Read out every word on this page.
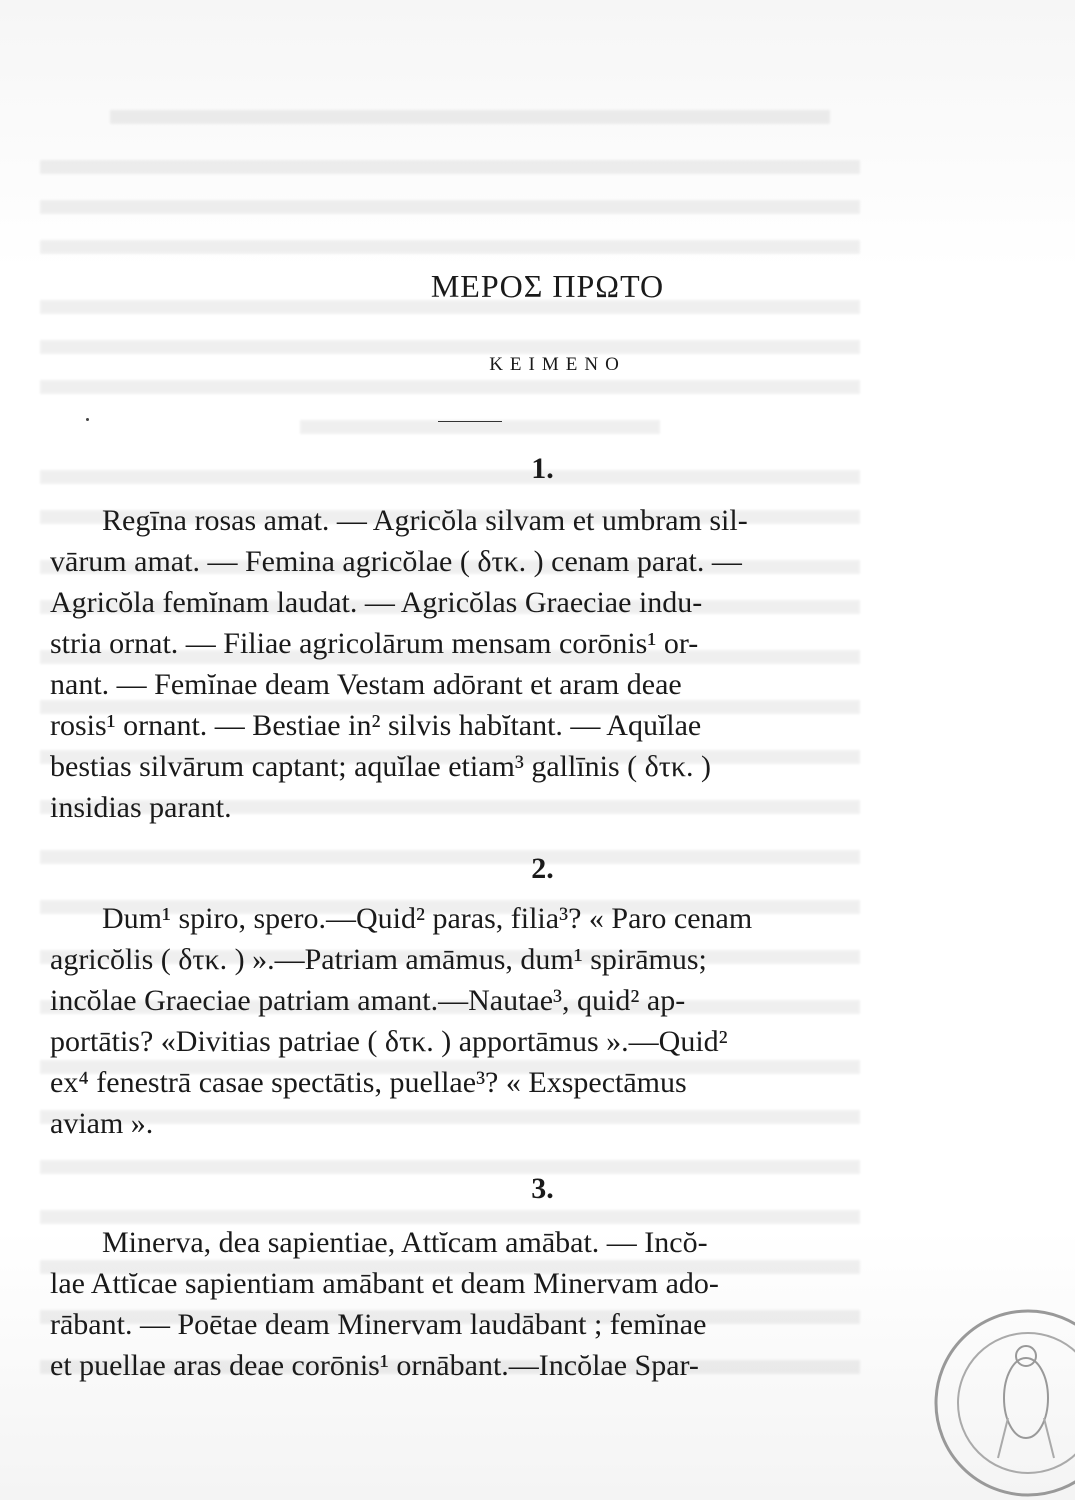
ΜΕΡΟΣ ΠΡΩΤΟ
ΚΕΙΜΕΝΟ
1.
Regīna rosas amat. — Agricŏla silvam et umbram sil-
vārum amat. — Femina agricŏlae ( δτκ. ) cenam parat. —
Agricŏla femĭnam laudat. — Agricŏlas Graeciae indu-
stria ornat. — Filiae agricolārum mensam corōnis¹ or-
nant. — Femĭnae deam Vestam adōrant et aram deae
rosis¹ ornant. — Bestiae in² silvis habĭtant. — Aquĭlae
bestias silvārum captant; aquĭlae etiam³ gallīnis ( δτκ. )
insidias parant.
2.
Dum¹ spiro, spero.—Quid² paras, filia³? « Paro cenam
agricŏlis ( δτκ. ) ».—Patriam amāmus, dum¹ spirāmus;
incŏlae Graeciae patriam amant.—Nautae³, quid² ap-
portātis? «Divitias patriae ( δτκ. ) apportāmus ».—Quid²
ex⁴ fenestrā casae spectātis, puellae³? « Exspectāmus
aviam ».
3.
Minerva, dea sapientiae, Attĭcam amābat. — Incŏ-
lae Attĭcae sapientiam amābant et deam Minervam ado-
rābant. — Poētae deam Minervam laudābant ; femĭnae
et puellae aras deae corōnis¹ ornābant.—Incŏlae Spar-
